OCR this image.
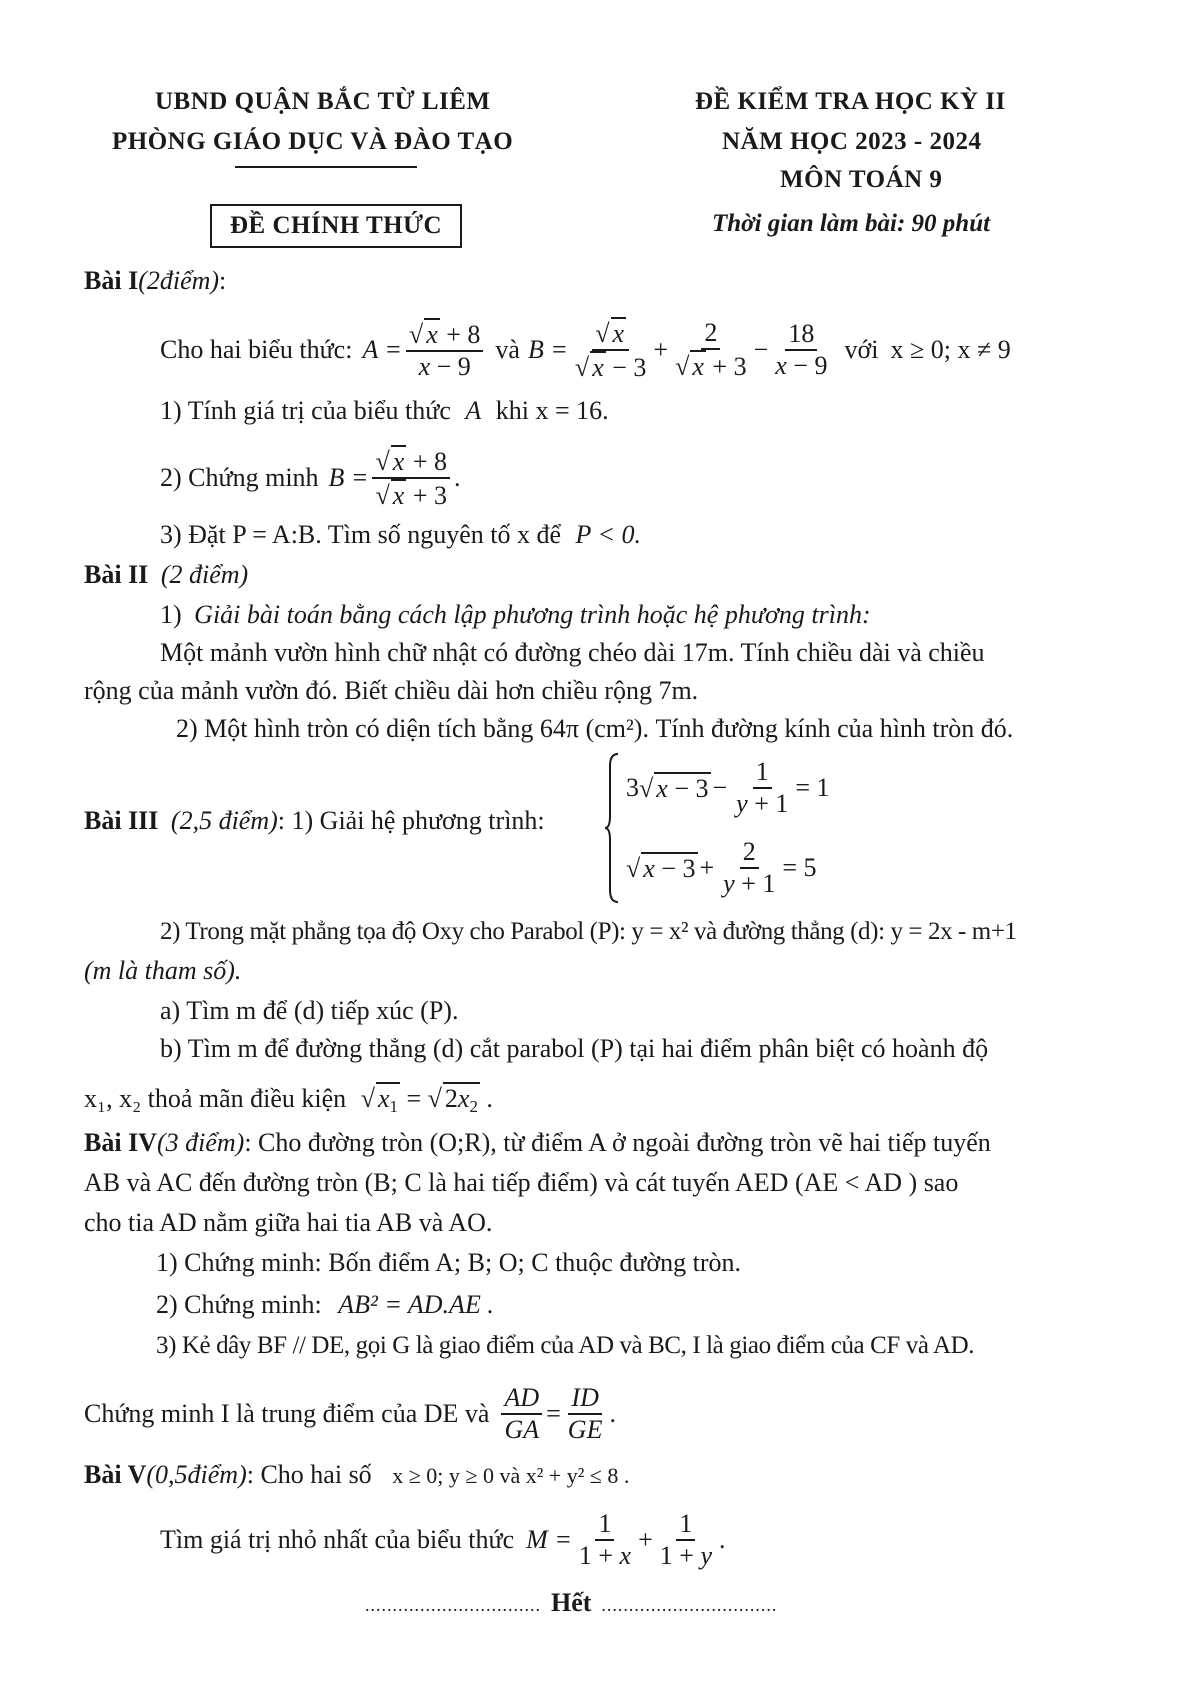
UBND QUẬN BẮC TỪ LIÊM
PHÒNG GIÁO DỤC VÀ ĐÀO TẠO
ĐỀ CHÍNH THỨC
ĐỀ KIỂM TRA HỌC KỲ II
NĂM HỌC 2023 - 2024
MÔN TOÁN 9
Thời gian làm bài: 90 phút
Bài I(2điểm):
Cho hai biểu thức: $A = \frac{√ x + 8}{x - 9}$ và $B = \frac{√ x}{√ x - 3} + \frac{2}{√ x + 3} - \frac{18}{x - 9}$ với x ≥ 0; x ≠ 9
1) Tính giá trị của biểu thức A khi x = 16.
2) Chứng minh $B = \frac{√ x + 8}{√ x + 3}$ .
3) Đặt P = A:B. Tìm số nguyên tố x để P < 0.
Bài II (2 điểm)
1) Giải bài toán bằng cách lập phương trình hoặc hệ phương trình:
Một mảnh vườn hình chữ nhật có đường chéo dài 17m. Tính chiều dài và chiều
rộng của mảnh vườn đó. Biết chiều dài hơn chiều rộng 7m.
2) Một hình tròn có diện tích bằng 64π (cm²). Tính đường kính của hình tròn đó.
Bài III (2,5 điểm): 1) Giải hệ phương trình:
3 √ $x - 3 - \frac{1}{y + 1} = 1$
√ $x - 3 + \frac{2}{y + 1} = 5$
2) Trong mặt phẳng tọa độ Oxy cho Parabol (P): y = x² và đường thẳng (d): y = 2x - m+1
(m là tham số).
a) Tìm m để (d) tiếp xúc (P).
b) Tìm m để đường thẳng (d) cắt parabol (P) tại hai điểm phân biệt có hoành độ
x₁, x₂ thoả mãn điều kiện √ $x_1$ = √ $2x_2$ .
Bài IV(3 điểm): Cho đường tròn (O;R), từ điểm A ở ngoài đường tròn vẽ hai tiếp tuyến
AB và AC đến đường tròn (B; C là hai tiếp điểm) và cát tuyến AED (AE < AD ) sao
cho tia AD nằm giữa hai tia AB và AO.
1) Chứng minh: Bốn điểm A; B; O; C thuộc đường tròn.
2) Chứng minh: AB² = AD.AE .
3) Kẻ dây BF // DE, gọi G là giao điểm của AD và BC, I là giao điểm của CF và AD.
Chứng minh I là trung điểm của DE và $\frac{AD}{GA} = \frac{ID}{GE}$ .
Bài V(0,5điểm): Cho hai số x ≥ 0; y ≥ 0 và x² + y² ≤ 8 .
Tìm giá trị nhỏ nhất của biểu thức $M = \frac{1}{1 + x} + \frac{1}{1 + y}$ .
................................ Hết ................................
